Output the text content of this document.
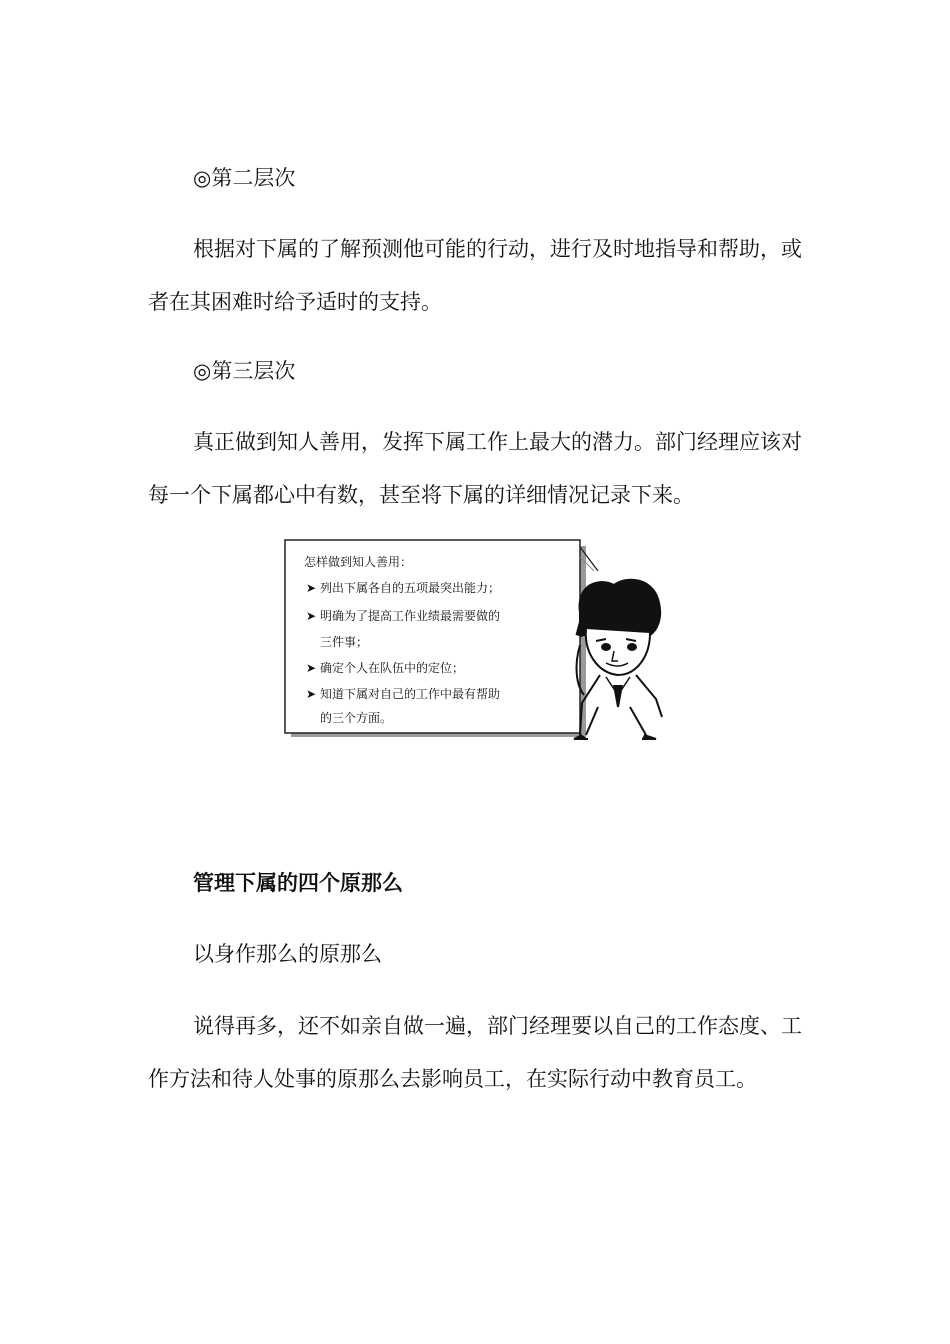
◎第二层次
根据对下属的了解预测他可能的行动，进行及时地指导和帮助，或者在其困难时给予适时的支持。
◎第三层次
真正做到知人善用，发挥下属工作上最大的潜力。部门经理应该对每一个下属都心中有数，甚至将下属的详细情况记录下来。
怎样做到知人善用：
➤ 列出下属各自的五项最突出能力；
➤ 明确为了提高工作业绩最需要做的
三件事；
➤ 确定个人在队伍中的定位；
➤ 知道下属对自己的工作中最有帮助
的三个方面。
管理下属的四个原那么
以身作那么的原那么
说得再多，还不如亲自做一遍，部门经理要以自己的工作态度、工作方法和待人处事的原那么去影响员工，在实际行动中教育员工。
